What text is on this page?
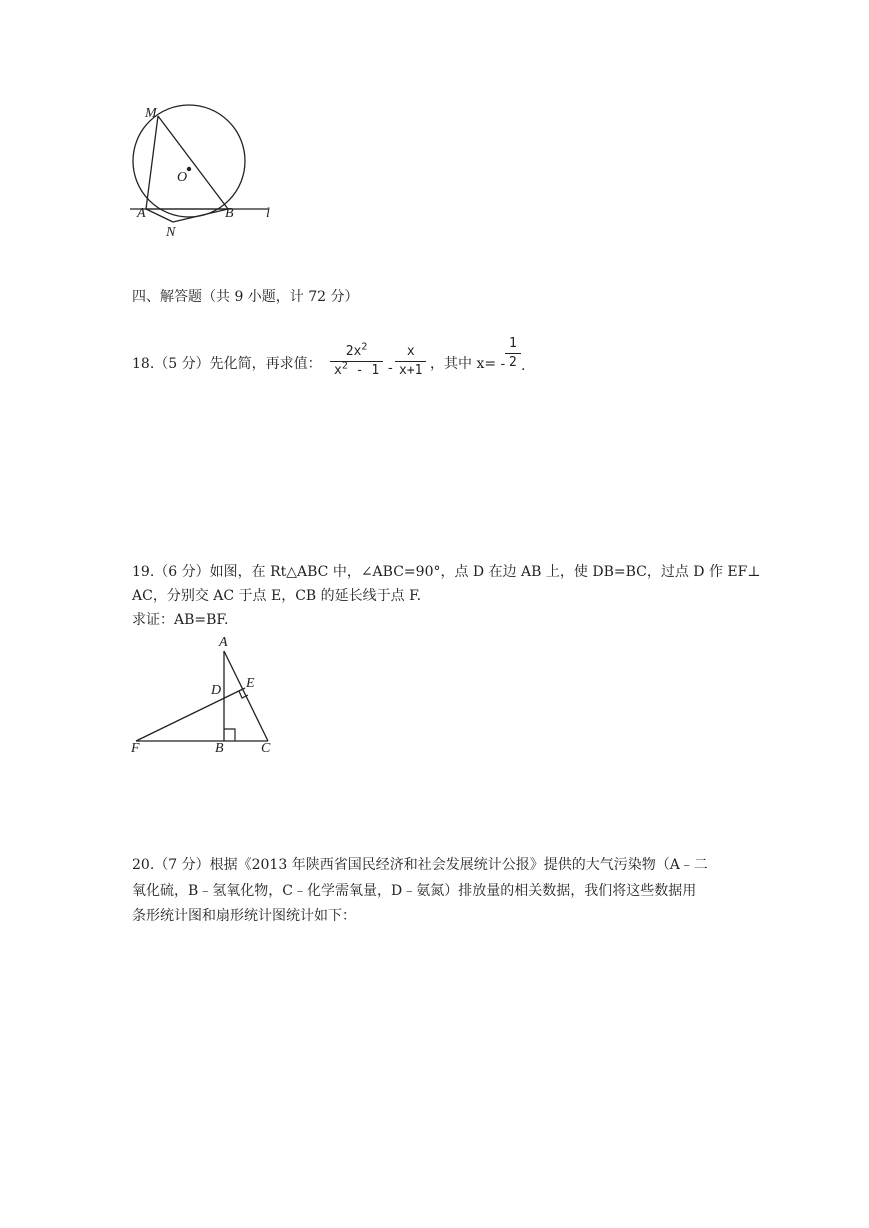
M
O
A	B
N
l
四、解答题（共 9 小题，计 72 分）
18.（5 分）先化简，再求值： $\frac{2x^2}{x^2 - 1} - \frac{x}{x+1}$ ，其中 $x= - \frac{1}{2}$ .
19.（6 分）如图，在 Rt△ABC 中，∠ABC=90°，点 D 在边 AB 上，使 DB=BC，过点 D 作 EF⊥
AC，分别交 AC 于点 E，CB 的延长线于点 F.
求证：AB=BF.
A
D E
F	B	C
20.（7 分）根据《2013 年陕西省国民经济和社会发展统计公报》提供的大气污染物（A﹣二
氧化硫，B﹣氢氧化物，C﹣化学需氧量，D﹣氨氮）排放量的相关数据，我们将这些数据用
条形统计图和扇形统计图统计如下：
